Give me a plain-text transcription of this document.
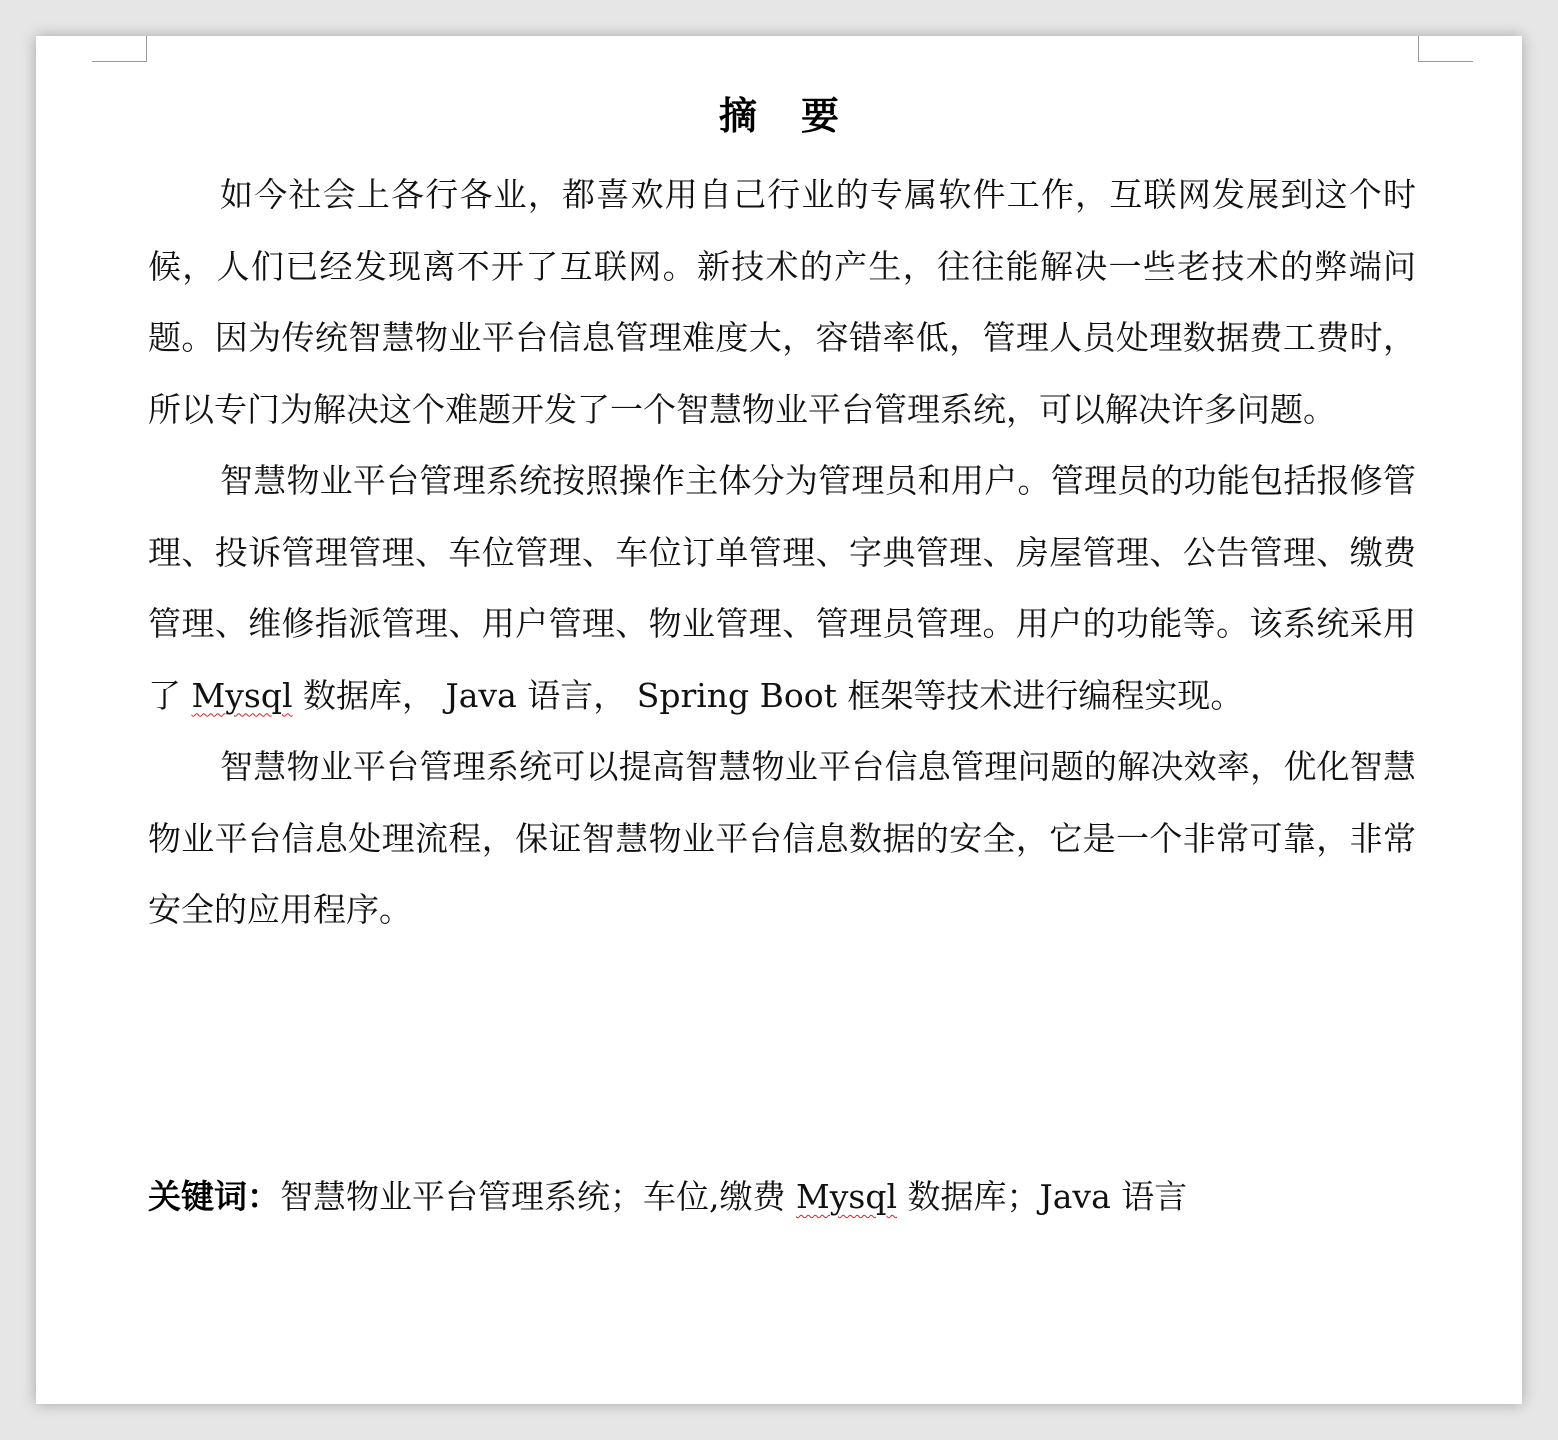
摘要

如今社会上各行各业，都喜欢用自己行业的专属软件工作，互联网发展到这个时候，人们已经发现离不开了互联网。新技术的产生，往往能解决一些老技术的弊端问题。因为传统智慧物业平台信息管理难度大，容错率低，管理人员处理数据费工费时，所以专门为解决这个难题开发了一个智慧物业平台管理系统，可以解决许多问题。

智慧物业平台管理系统按照操作主体分为管理员和用户。管理员的功能包括报修管理、投诉管理管理、车位管理、车位订单管理、字典管理、房屋管理、公告管理、缴费管理、维修指派管理、用户管理、物业管理、管理员管理。用户的功能等。该系统采用了 Mysql 数据库， Java 语言， Spring Boot 框架等技术进行编程实现。

智慧物业平台管理系统可以提高智慧物业平台信息管理问题的解决效率，优化智慧物业平台信息处理流程，保证智慧物业平台信息数据的安全，它是一个非常可靠，非常安全的应用程序。

关键词：智慧物业平台管理系统；车位,缴费 Mysql 数据库；Java 语言
